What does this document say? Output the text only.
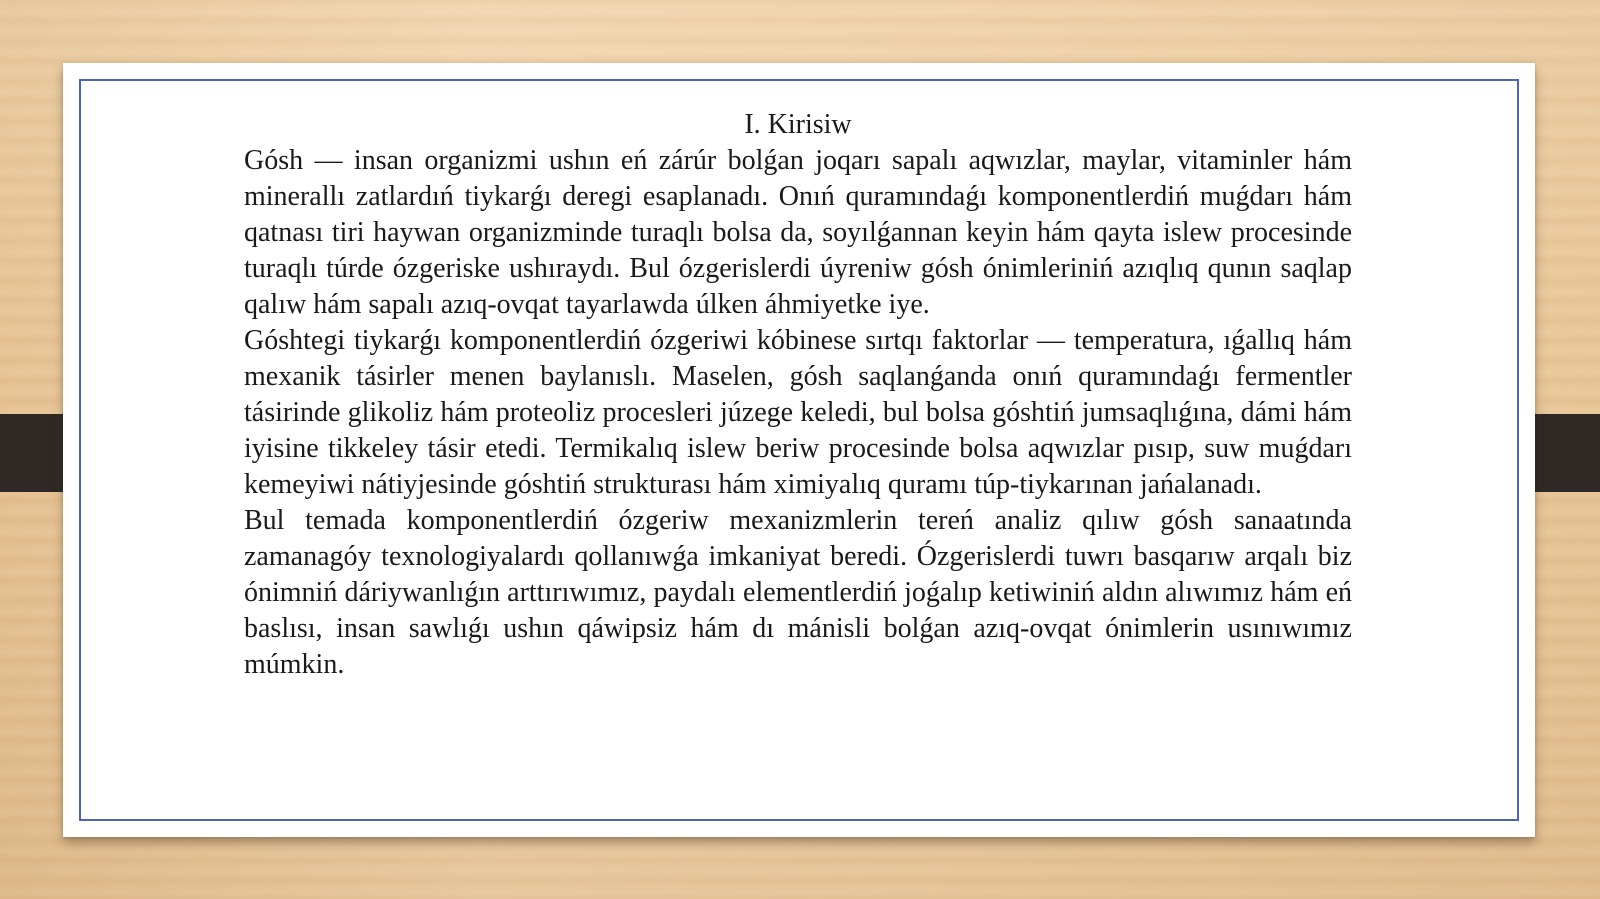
I. Kirisiw

Gósh — insan organizmi ushın eń zárúr bolǵan joqarı sapalı aqwızlar, maylar, vitaminler hám minerallı zatlardıń tiykarǵı deregi esaplanadı. Onıń quramındaǵı komponentlerdiń muǵdarı hám qatnası tiri haywan organizminde turaqlı bolsa da, soyılǵannan keyin hám qayta islew procesinde turaqlı túrde ózgeriske ushıraydı. Bul ózgerislerdi úyreniw gósh ónimleriniń azıqlıq qunın saqlap qalıw hám sapalı azıq-ovqat tayarlawda úlken áhmiyetke iye.

Góshtegi tiykarǵı komponentlerdiń ózgeriwi kóbinese sırtqı faktorlar — temperatura, ıǵallıq hám mexanik tásirler menen baylanıslı. Maselen, gósh saqlanǵanda onıń quramındaǵı fermentler tásirinde glikoliz hám proteoliz procesleri júzege keledi, bul bolsa góshtiń jumsaqlıǵına, dámi hám iyisine tikkeley tásir etedi. Termikalıq islew beriw procesinde bolsa aqwızlar pısıp, suw muǵdarı kemeyiwi nátiyjesinde góshtiń strukturası hám ximiyalıq quramı túp-tiykarınan jańalanadı.

Bul temada komponentlerdiń ózgeriw mexanizmlerin tereń analiz qılıw gósh sanaatında zamanagóy texnologiyalardı qollanıwǵa imkaniyat beredi. Ózgerislerdi tuwrı basqarıw arqalı biz ónimniń dáriywanlıǵın arttırıwımız, paydalı elementlerdiń joǵalıp ketiwiniń aldın alıwımız hám eń baslısı, insan sawlıǵı ushın qáwipsiz hám dı mánisli bolǵan azıq-ovqat ónimlerin usınıwımız múmkin.
